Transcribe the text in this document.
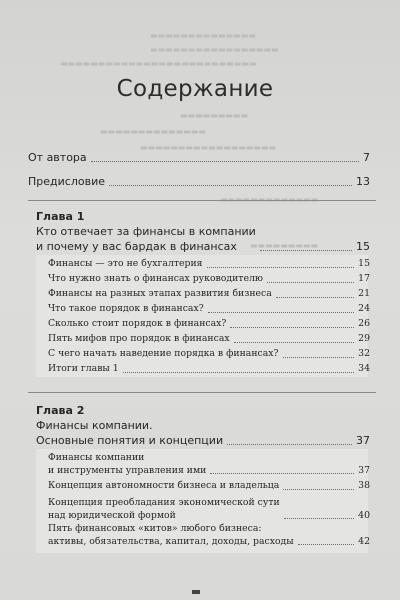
▬▬▬▬▬▬▬▬▬▬▬▬▬▬
▬▬▬▬▬▬▬▬▬▬▬▬▬▬▬▬▬
▬▬▬▬▬▬▬▬▬▬▬▬▬▬▬▬▬▬▬▬▬▬▬▬▬▬
▬▬▬▬▬▬▬▬▬
▬▬▬▬▬▬▬▬▬▬▬▬▬▬
▬▬▬▬▬▬▬▬▬▬▬▬▬▬▬▬▬▬
▬▬▬▬▬▬▬▬▬
Содержание
От автора	7
Предисловие	13
Глава 1
Кто отвечает за финансы в компании
и почему у вас бардак в финансах	15
Финансы — это не бухгалтерия	15
Что нужно знать о финансах руководителю	17
Финансы на разных этапах развития бизнеса	21
Что такое порядок в финансах?	24
Сколько стоит порядок в финансах?	26
Пять мифов про порядок в финансах	29
С чего начать наведение порядка в финансах?	32
Итоги главы 1	34
Глава 2
Финансы компании.
Основные понятия и концепции	37
Финансы компании
и инструменты управления ими	37
Концепция автономности бизнеса и владельца	38
Концепция преобладания экономической сути
над юридической формой	40
Пять финансовых «китов» любого бизнеса:
активы, обязательства, капитал, доходы, расходы	42
